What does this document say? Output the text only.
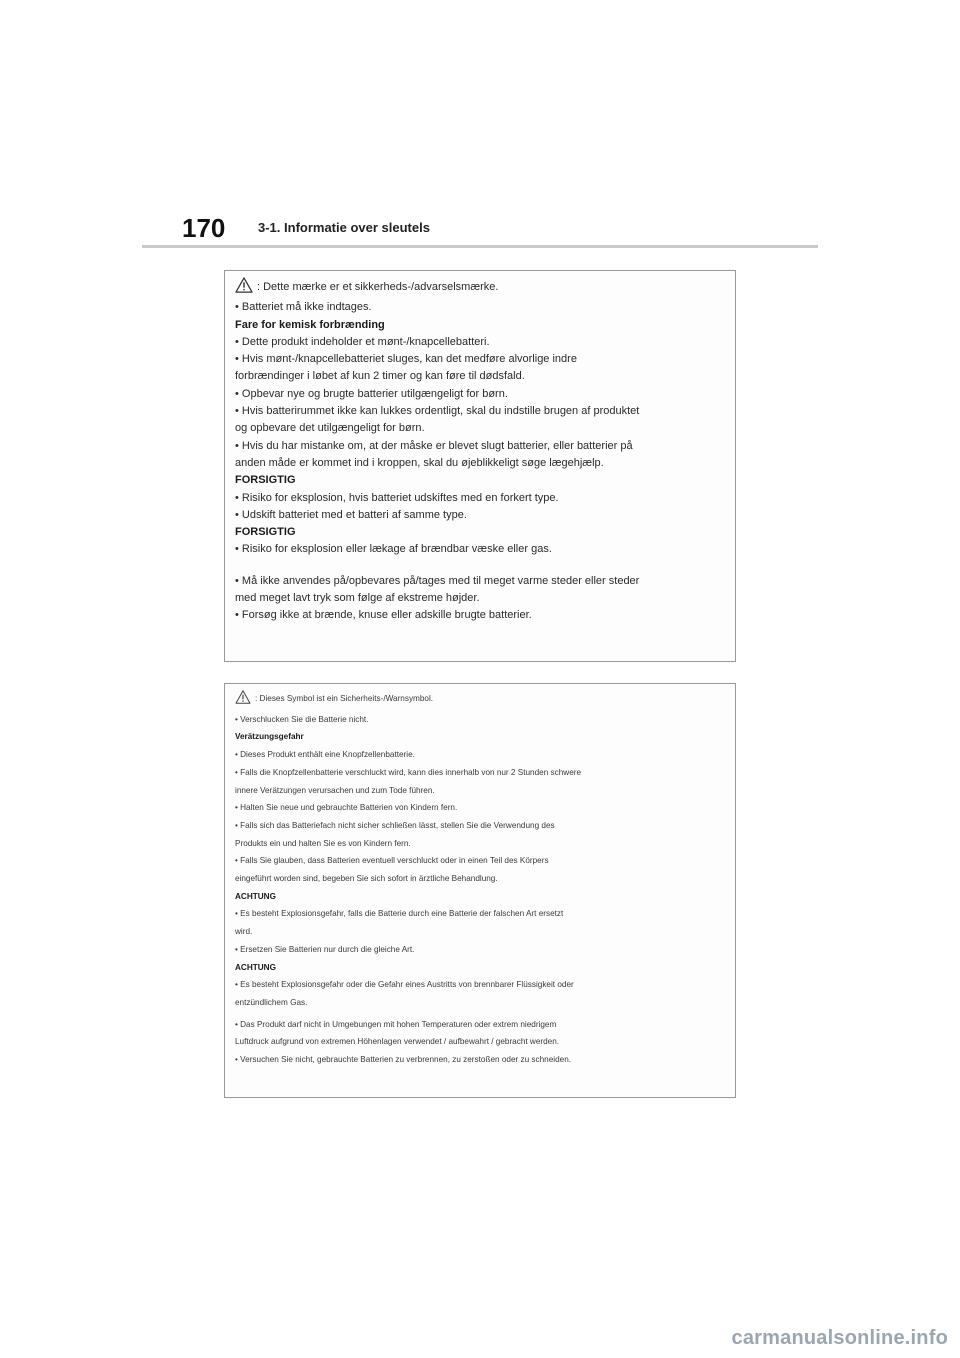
170	3-1. Informatie over sleutels
: Dette mærke er et sikkerheds-/advarselsmærke.
• Batteriet må ikke indtages.
Fare for kemisk forbrænding
• Dette produkt indeholder et mønt-/knapcellebatteri.
• Hvis mønt-/knapcellebatteriet sluges, kan det medføre alvorlige indre
forbrændinger i løbet af kun 2 timer og kan føre til dødsfald.
• Opbevar nye og brugte batterier utilgængeligt for børn.
• Hvis batterirummet ikke kan lukkes ordentligt, skal du indstille brugen af produktet
og opbevare det utilgængeligt for børn.
• Hvis du har mistanke om, at der måske er blevet slugt batterier, eller batterier på
anden måde er kommet ind i kroppen, skal du øjeblikkeligt søge lægehjælp.
FORSIGTIG
• Risiko for eksplosion, hvis batteriet udskiftes med en forkert type.
• Udskift batteriet med et batteri af samme type.
FORSIGTIG
• Risiko for eksplosion eller lækage af brændbar væske eller gas.
• Må ikke anvendes på/opbevares på/tages med til meget varme steder eller steder
med meget lavt tryk som følge af ekstreme højder.
• Forsøg ikke at brænde, knuse eller adskille brugte batterier.
: Dieses Symbol ist ein Sicherheits-/Warnsymbol.
• Verschlucken Sie die Batterie nicht.
Verätzungsgefahr
• Dieses Produkt enthält eine Knopfzellenbatterie.
• Falls die Knopfzellenbatterie verschluckt wird, kann dies innerhalb von nur 2 Stunden schwere
innere Verätzungen verursachen und zum Tode führen.
• Halten Sie neue und gebrauchte Batterien von Kindern fern.
• Falls sich das Batteriefach nicht sicher schließen lässt, stellen Sie die Verwendung des
Produkts ein und halten Sie es von Kindern fern.
• Falls Sie glauben, dass Batterien eventuell verschluckt oder in einen Teil des Körpers
eingeführt worden sind, begeben Sie sich sofort in ärztliche Behandlung.
ACHTUNG
• Es besteht Explosionsgefahr, falls die Batterie durch eine Batterie der falschen Art ersetzt
wird.
• Ersetzen Sie Batterien nur durch die gleiche Art.
ACHTUNG
• Es besteht Explosionsgefahr oder die Gefahr eines Austritts von brennbarer Flüssigkeit oder
entzündlichem Gas.
• Das Produkt darf nicht in Umgebungen mit hohen Temperaturen oder extrem niedrigem
Luftdruck aufgrund von extremen Höhenlagen verwendet / aufbewahrt / gebracht werden.
• Versuchen Sie nicht, gebrauchte Batterien zu verbrennen, zu zerstoßen oder zu schneiden.
carmanualsonline.info
